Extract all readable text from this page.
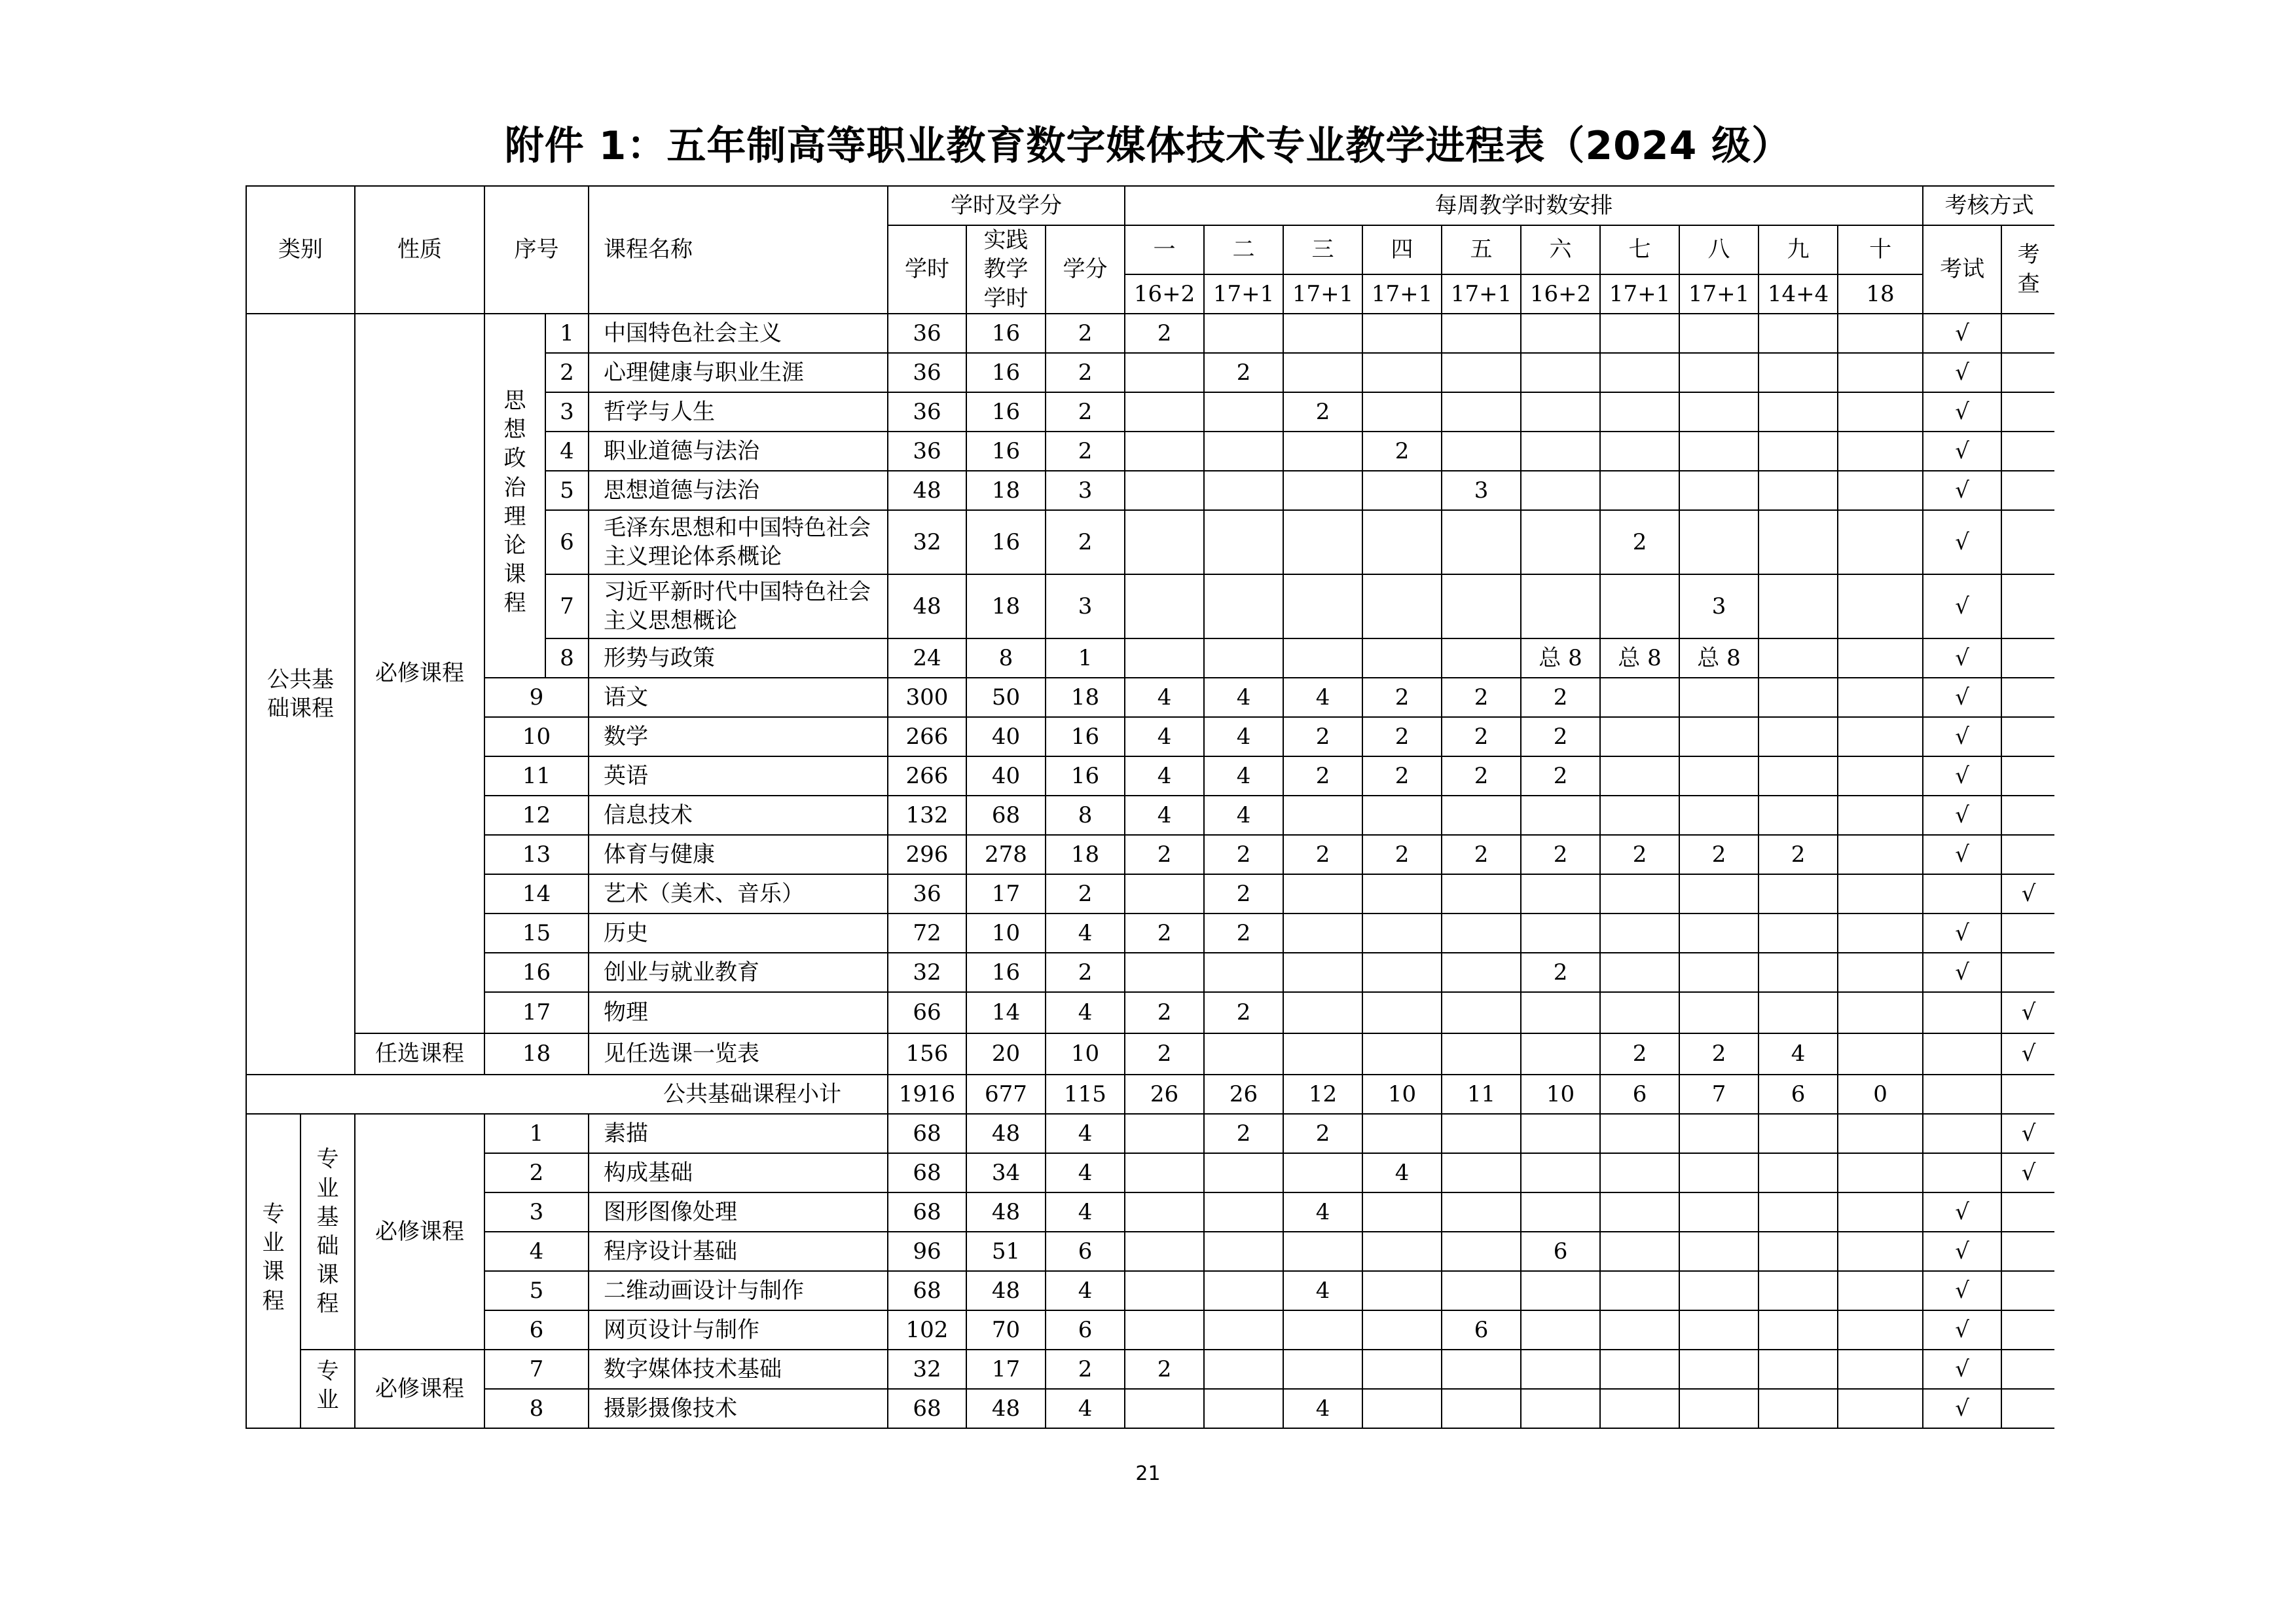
附件 1：五年制高等职业教育数字媒体技术专业教学进程表（2024 级）
类别		性质	序号		课程名称	学时及学分			每周教学时数安排										考核方式	
						学时	实践教学学时	学分	一	二	三	四	五	六	七	八	九	十	考试	考查
									16+2	17+1	17+1	17+1	17+1	16+2	17+1	17+1	14+4	18		
公共基础课程		必修课程	思想政治理论课程	1	中国特色社会主义	36	16	2	2										√	
				2	心理健康与职业生涯	36	16	2		2									√	
				3	哲学与人生	36	16	2			2								√	
				4	职业道德与法治	36	16	2				2							√	
				5	思想道德与法治	48	18	3					3						√	
				6	毛泽东思想和中国特色社会主义理论体系概论	32	16	2							2				√	
				7	习近平新时代中国特色社会主义思想概论	48	18	3								3			√	
				8	形势与政策	24	8	1						总 8	总 8	总 8			√	
			9		语文	300	50	18	4	4	4	2	2	2					√	
			10		数学	266	40	16	4	4	2	2	2	2					√	
			11		英语	266	40	16	4	4	2	2	2	2					√	
			12		信息技术	132	68	8	4	4									√	
			13		体育与健康	296	278	18	2	2	2	2	2	2	2	2	2		√	
			14		艺术（美术、音乐）	36	17	2		2										√
			15		历史	72	10	4	2	2									√	
			16		创业与就业教育	32	16	2						2					√	
			17		物理	66	14	4	2	2										√
		任选课程	18		见任选课一览表	156	20	10	2						2	2	4			√
公共基础课程小计						1916	677	115	26	26	12	10	11	10	6	7	6	0		
专业课程	专业基础课程	必修课程	1		素描	68	48	4		2	2									√
			2		构成基础	68	34	4				4								√
			3		图形图像处理	68	48	4			4								√	
			4		程序设计基础	96	51	6						6					√	
			5		二维动画设计与制作	68	48	4			4								√	
			6		网页设计与制作	102	70	6					6						√	
	专业	必修课程	7		数字媒体技术基础	32	17	2	2										√	
			8		摄影摄像技术	68	48	4			4								√	
21
